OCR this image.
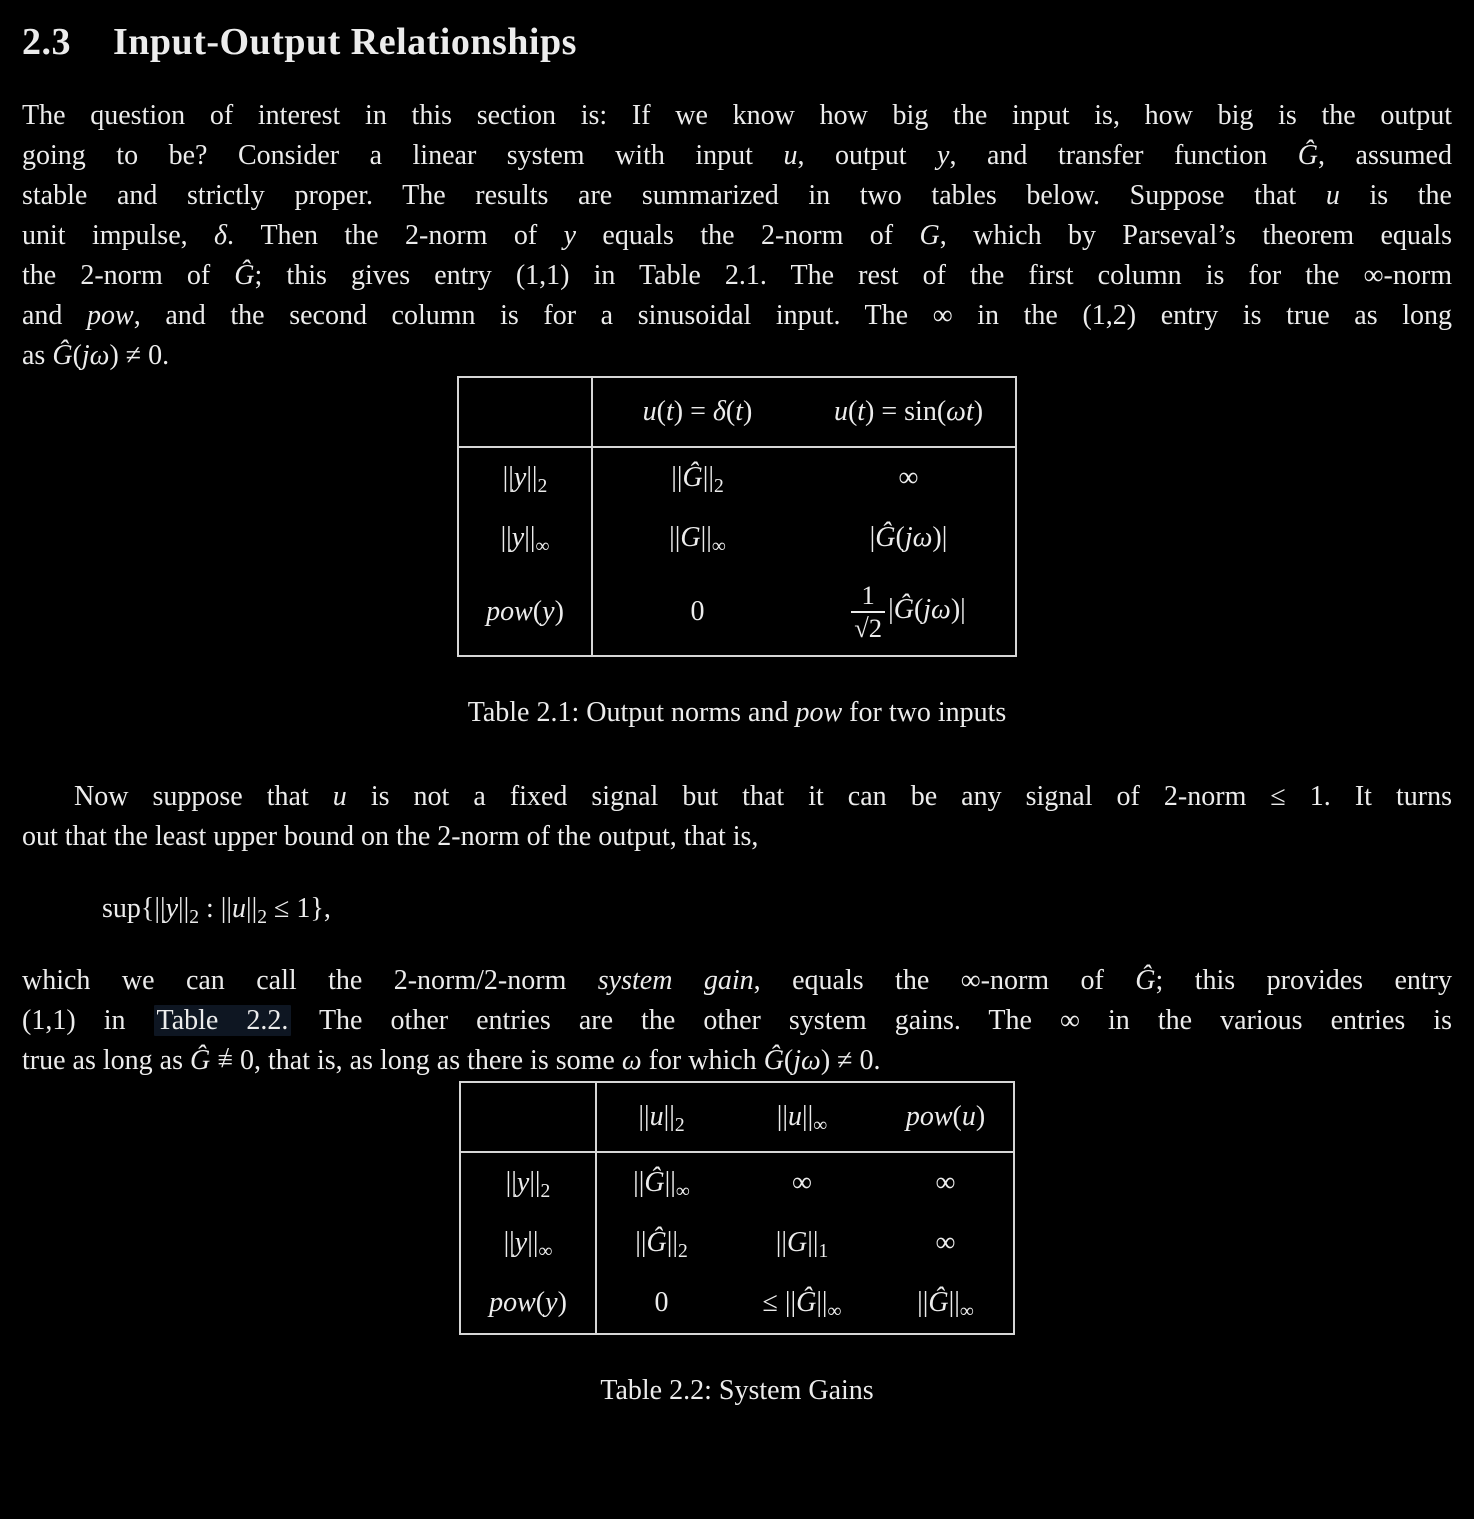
2.3 Input-Output Relationships
The question of interest in this section is: If we know how big the input is, how big is the output
going to be? Consider a linear system with input u, output y, and transfer function Ĝ, assumed
stable and strictly proper. The results are summarized in two tables below. Suppose that u is the
unit impulse, δ. Then the 2-norm of y equals the 2-norm of G, which by Parseval’s theorem equals
the 2-norm of Ĝ; this gives entry (1,1) in Table 2.1. The rest of the first column is for the ∞-norm
and pow, and the second column is for a sinusoidal input. The ∞ in the (1,2) entry is true as long
as Ĝ(jω) ≠ 0.
	u(t) = δ(t)	u(t) = sin(ωt)
$||y||_2$	$||Ĝ||_2$	∞
$||y||_\infty$	$||G||_\infty$	|Ĝ(jω)|
pow(y)	0	$\frac{1}{√2}$ |Ĝ(jω)|
Table 2.1: Output norms and pow for two inputs
Now suppose that u is not a fixed signal but that it can be any signal of 2-norm ≤ 1. It turns
out that the least upper bound on the 2-norm of the output, that is,
$sup\{||y||_2$ : $||u||_2 \le 1$},
which we can call the 2-norm/2-norm system gain, equals the ∞-norm of Ĝ; this provides entry
(1,1) in Table 2.2. The other entries are the other system gains. The ∞ in the various entries is
true as long as Ĝ ≡ / 0, that is, as long as there is some ω for which Ĝ(jω) ≠ 0.
	$||u||_2$	$||u||_\infty$	pow(u)
$||y||_2$	$||Ĝ||_\infty$	∞	∞
$||y||_\infty$	$||Ĝ||_2$	$||G||_1$	∞
pow(y)	0	≤ $||Ĝ||_\infty$	$||Ĝ||_\infty$
Table 2.2: System Gains
